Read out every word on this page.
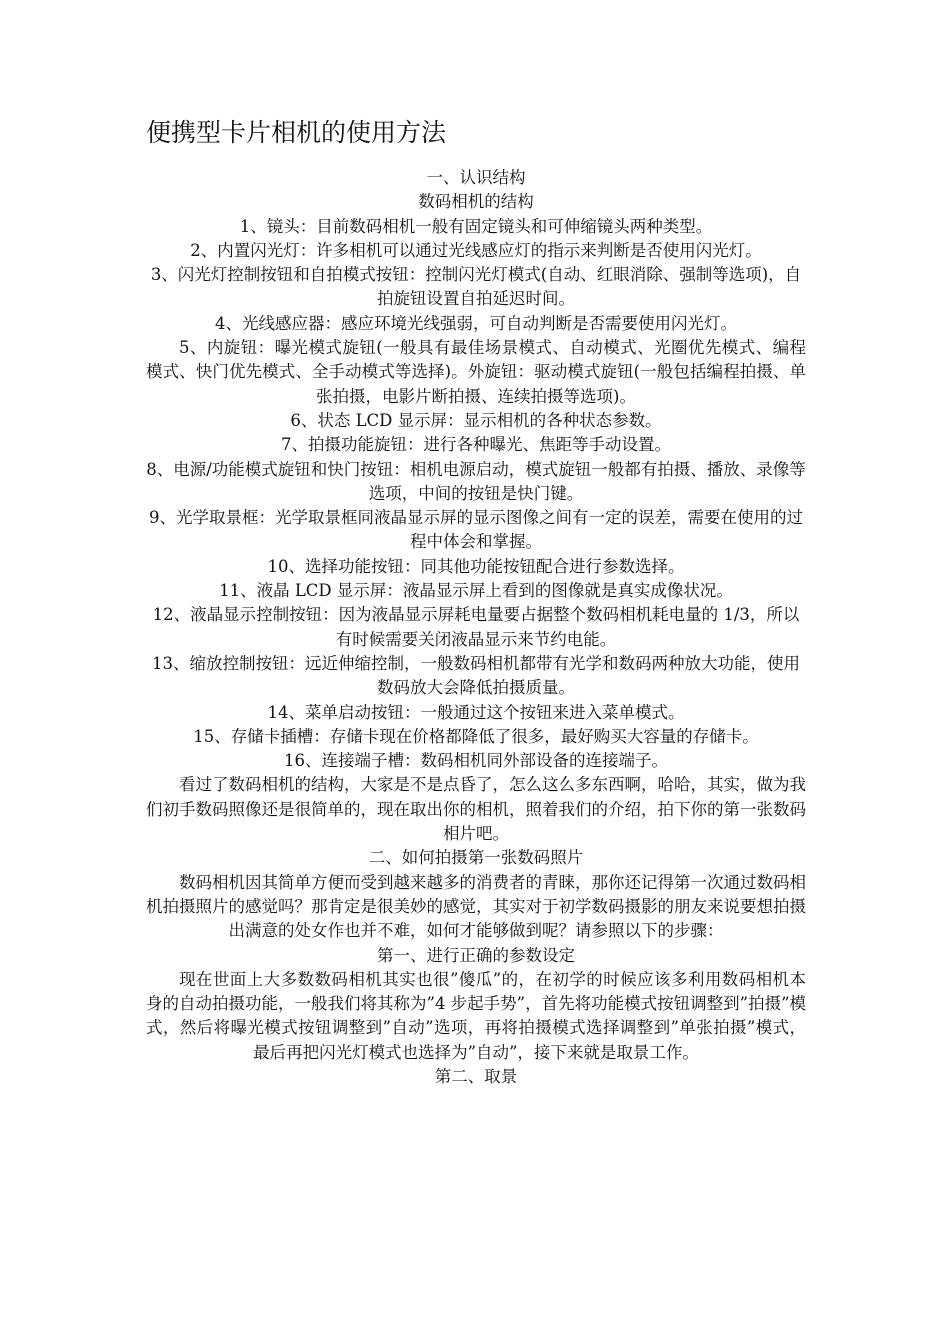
便携型卡片相机的使用方法

一、认识结构

数码相机的结构

1、镜头：目前数码相机一般有固定镜头和可伸缩镜头两种类型。

2、内置闪光灯：许多相机可以通过光线感应灯的指示来判断是否使用闪光灯。

3、闪光灯控制按钮和自拍模式按钮：控制闪光灯模式(自动、红眼消除、强制等选项)，自拍旋钮设置自拍延迟时间。

4、光线感应器：感应环境光线强弱，可自动判断是否需要使用闪光灯。

5、内旋钮：曝光模式旋钮(一般具有最佳场景模式、自动模式、光圈优先模式、编程模式、快门优先模式、全手动模式等选择)。外旋钮：驱动模式旋钮(一般包括编程拍摄、单张拍摄，电影片断拍摄、连续拍摄等选项)。

6、状态 LCD 显示屏：显示相机的各种状态参数。

7、拍摄功能旋钮：进行各种曝光、焦距等手动设置。

8、电源/功能模式旋钮和快门按钮：相机电源启动，模式旋钮一般都有拍摄、播放、录像等选项，中间的按钮是快门键。

9、光学取景框：光学取景框同液晶显示屏的显示图像之间有一定的误差，需要在使用的过程中体会和掌握。

10、选择功能按钮：同其他功能按钮配合进行参数选择。

11、液晶 LCD 显示屏：液晶显示屏上看到的图像就是真实成像状况。

12、液晶显示控制按钮：因为液晶显示屏耗电量要占据整个数码相机耗电量的 1/3，所以有时候需要关闭液晶显示来节约电能。

13、缩放控制按钮：远近伸缩控制，一般数码相机都带有光学和数码两种放大功能，使用数码放大会降低拍摄质量。

14、菜单启动按钮：一般通过这个按钮来进入菜单模式。

15、存储卡插槽：存储卡现在价格都降低了很多，最好购买大容量的存储卡。

16、连接端子槽：数码相机同外部设备的连接端子。

看过了数码相机的结构，大家是不是点昏了，怎么这么多东西啊，哈哈，其实，做为我们初手数码照像还是很简单的，现在取出你的相机，照着我们的介绍，拍下你的第一张数码相片吧。

二、如何拍摄第一张数码照片

数码相机因其简单方便而受到越来越多的消费者的青睐，那你还记得第一次通过数码相机拍摄照片的感觉吗？那肯定是很美妙的感觉，其实对于初学数码摄影的朋友来说要想拍摄出满意的处女作也并不难，如何才能够做到呢？请参照以下的步骤：

第一、进行正确的参数设定

现在世面上大多数数码相机其实也很”傻瓜”的，在初学的时候应该多利用数码相机本身的自动拍摄功能，一般我们将其称为”4 步起手势”，首先将功能模式按钮调整到”拍摄”模式，然后将曝光模式按钮调整到”自动”选项，再将拍摄模式选择调整到”单张拍摄”模式，最后再把闪光灯模式也选择为”自动”，接下来就是取景工作。

第二、取景
